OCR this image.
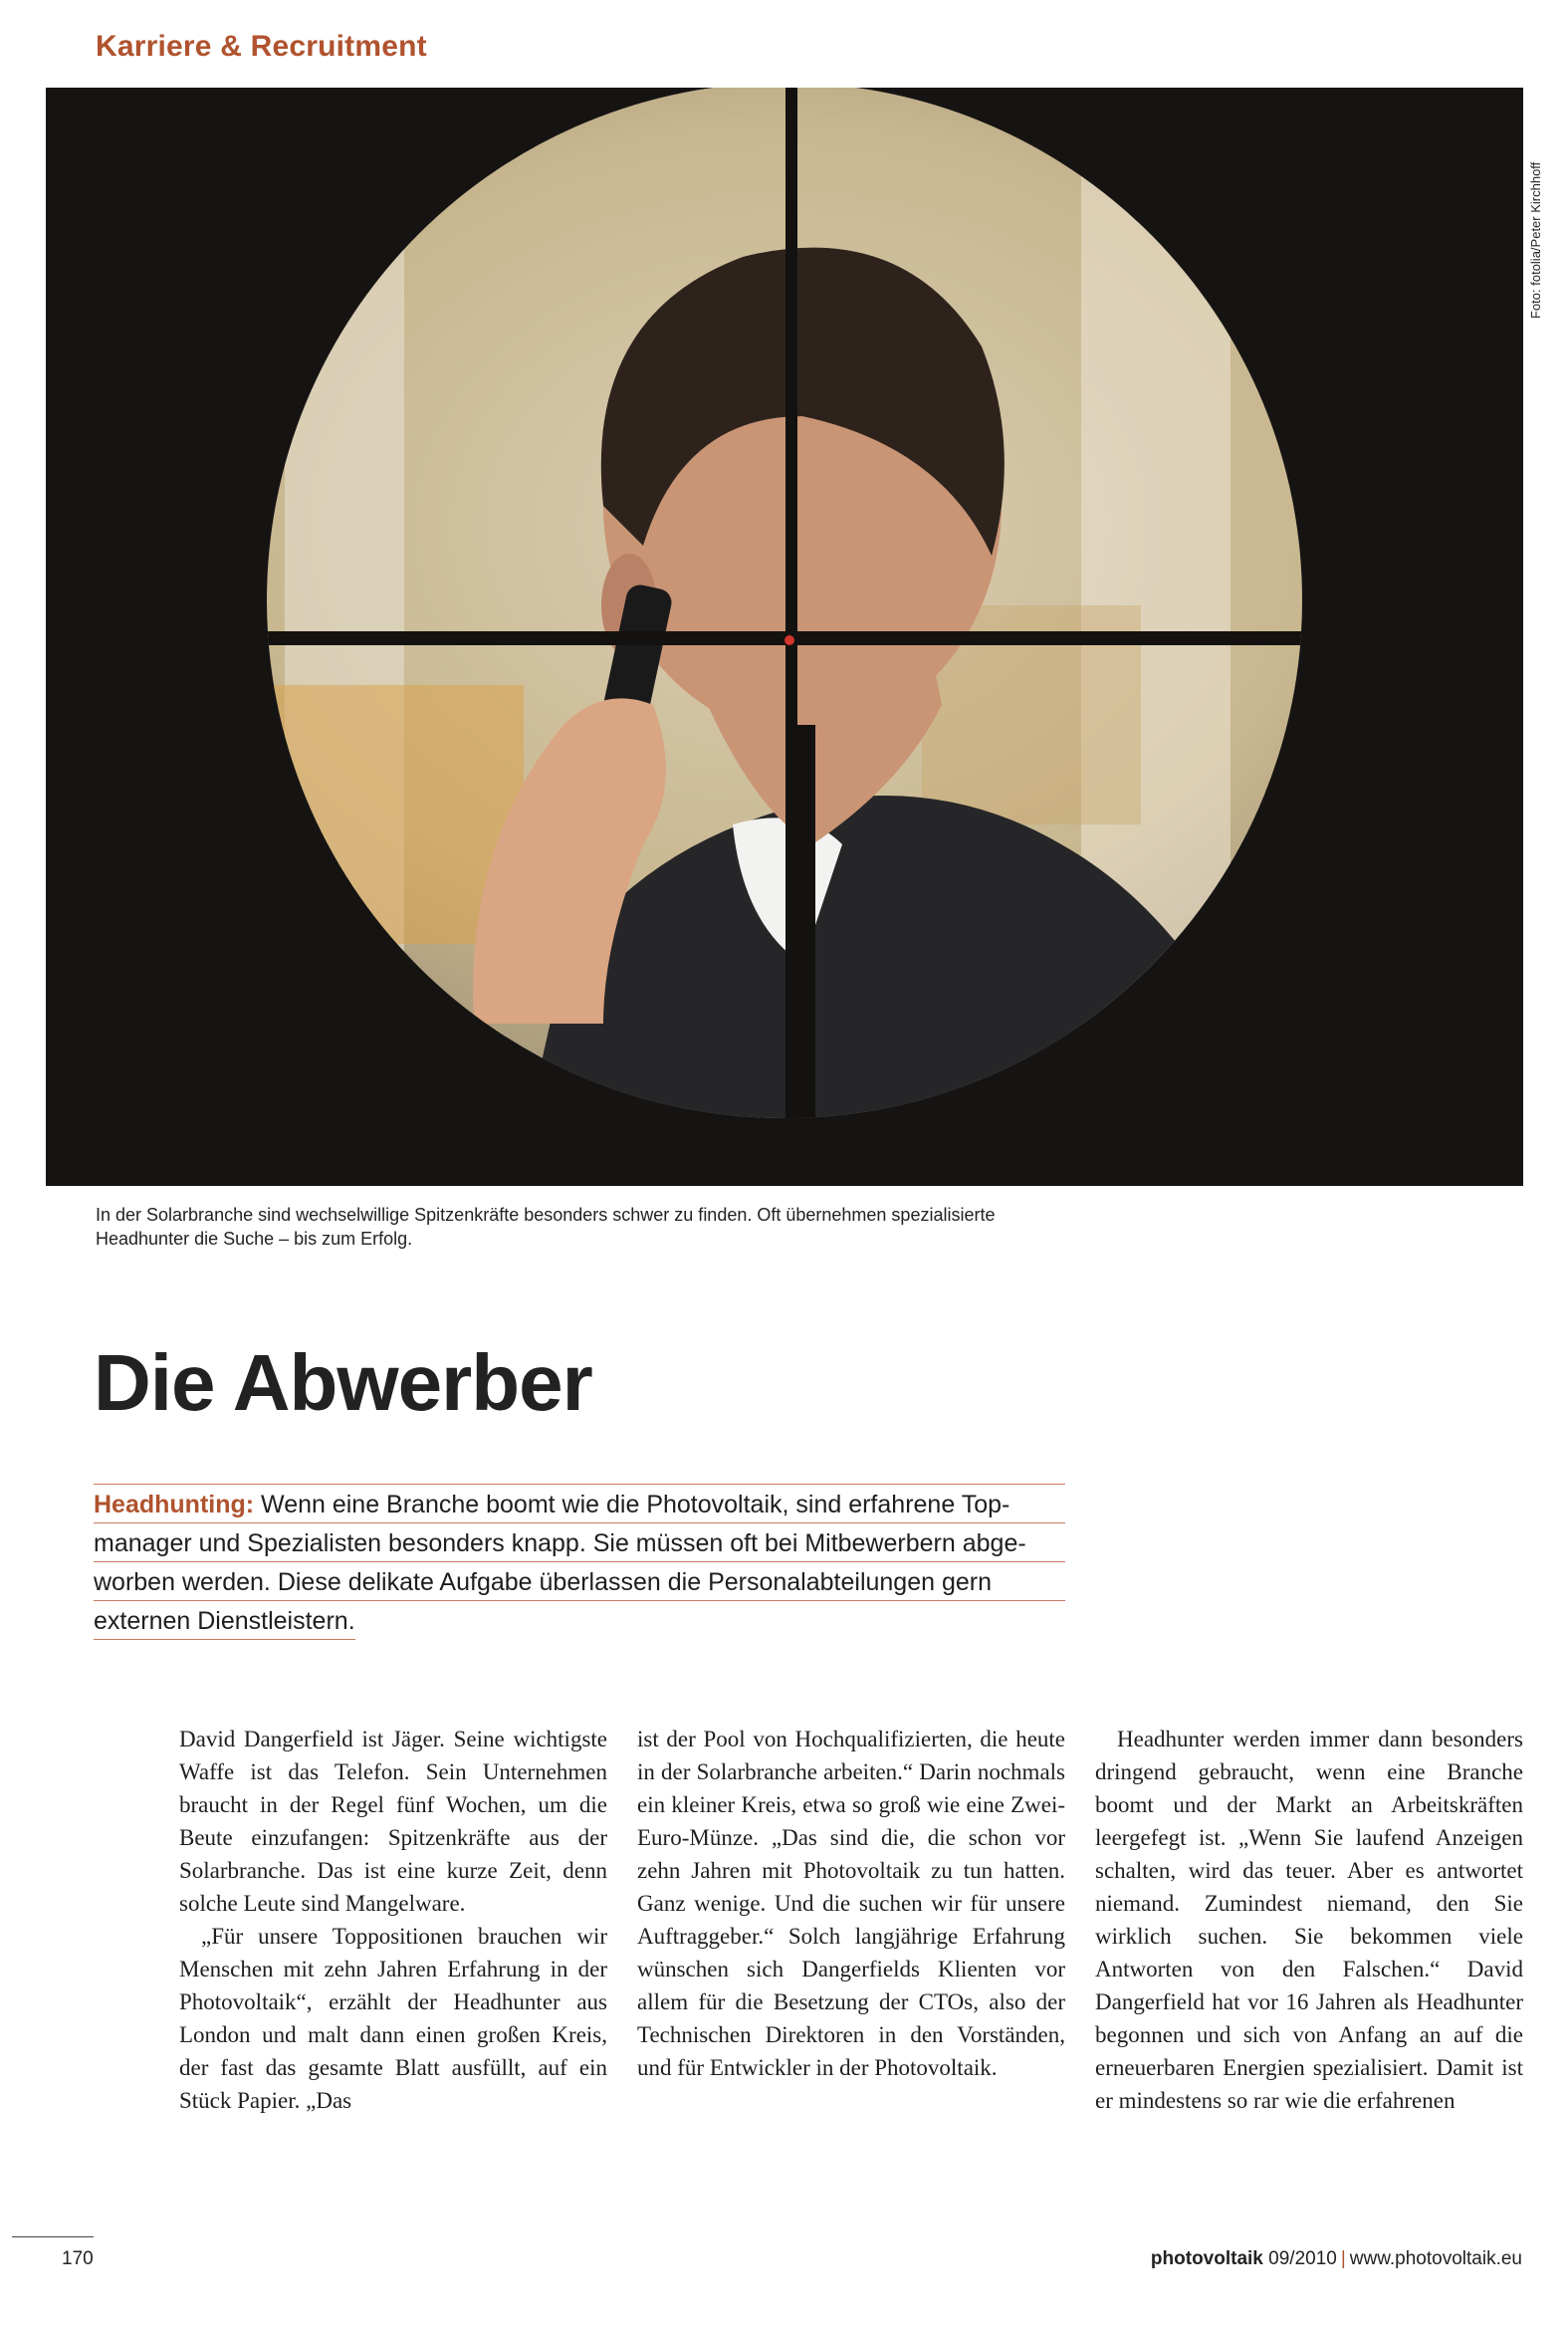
Karriere & Recruitment
Foto: fotolia/Peter Kirchhoff
In der Solarbranche sind wechselwillige Spitzenkräfte besonders schwer zu finden. Oft übernehmen spezialisierte Headhunter die Suche – bis zum Erfolg.
Die Abwerber
Headhunting: Wenn eine Branche boomt wie die Photovoltaik, sind erfahrene Top-
manager und Spezialisten besonders knapp. Sie müssen oft bei Mitbewerbern abge-
worben werden. Diese delikate Aufgabe überlassen die Personalabteilungen gern
externen Dienstleistern.

David Dangerfield ist Jäger. Seine wichtigste Waffe ist das Telefon. Sein Unternehmen braucht in der Regel fünf Wochen, um die Beute einzufangen: Spitzenkräfte aus der Solarbranche. Das ist eine kurze Zeit, denn solche Leute sind Mangelware.

„Für unsere Toppositionen brauchen wir Menschen mit zehn Jahren Erfahrung in der Photovoltaik“, erzählt der Headhunter aus London und malt dann einen großen Kreis, der fast das gesamte Blatt ausfüllt, auf ein Stück Papier. „Das

ist der Pool von Hochqualifizierten, die heute in der Solarbranche arbeiten.“ Darin nochmals ein kleiner Kreis, etwa so groß wie eine Zwei-Euro-Münze. „Das sind die, die schon vor zehn Jahren mit Photovoltaik zu tun hatten. Ganz wenige. Und die suchen wir für unsere Auftraggeber.“ Solch langjährige Erfahrung wünschen sich Dangerfields Klienten vor allem für die Besetzung der CTOs, also der Technischen Direktoren in den Vorständen, und für Entwickler in der Photovoltaik.

Headhunter werden immer dann besonders dringend gebraucht, wenn eine Branche boomt und der Markt an Arbeitskräften leergefegt ist. „Wenn Sie laufend Anzeigen schalten, wird das teuer. Aber es antwortet niemand. Zumindest niemand, den Sie wirklich suchen. Sie bekommen viele Antworten von den Falschen.“ David Dangerfield hat vor 16 Jahren als Headhunter begonnen und sich von Anfang an auf die erneuerbaren Energien spezialisiert. Damit ist er mindestens so rar wie die erfahrenen

170	photovoltaik 09/2010 | www.photovoltaik.eu
